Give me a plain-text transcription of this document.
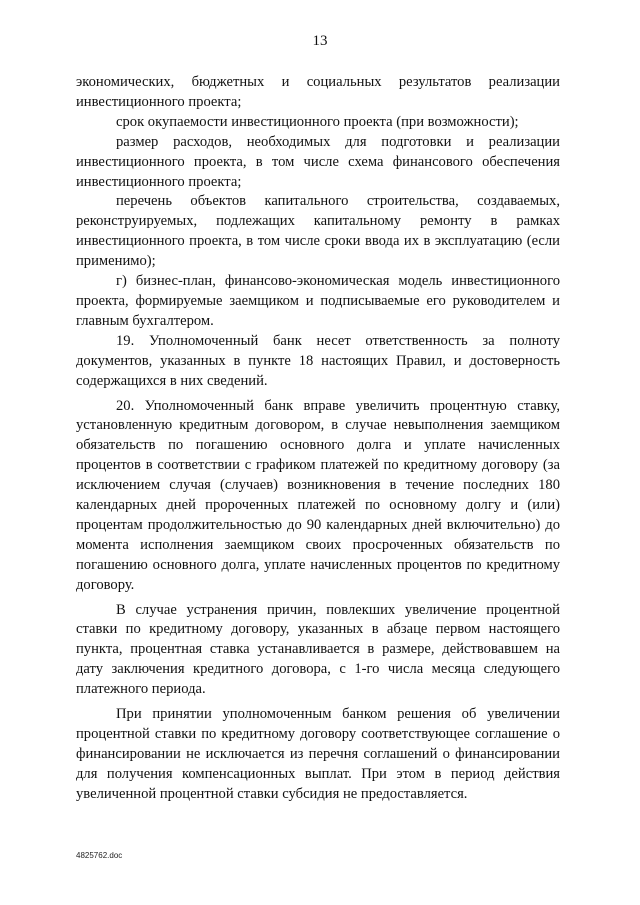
13

экономических, бюджетных и социальных результатов реализации инвестиционного проекта;

срок окупаемости инвестиционного проекта (при возможности);

размер расходов, необходимых для подготовки и реализации инвестиционного проекта, в том числе схема финансового обеспечения инвестиционного проекта;

перечень объектов капитального строительства, создаваемых, реконструируемых, подлежащих капитальному ремонту в рамках инвестиционного проекта, в том числе сроки ввода их в эксплуатацию (если применимо);

г) бизнес-план, финансово-экономическая модель инвестиционного проекта, формируемые заемщиком и подписываемые его руководителем и главным бухгалтером.

19. Уполномоченный банк несет ответственность за полноту документов, указанных в пункте 18 настоящих Правил, и достоверность содержащихся в них сведений.

20. Уполномоченный банк вправе увеличить процентную ставку, установленную кредитным договором, в случае невыполнения заемщиком обязательств по погашению основного долга и уплате начисленных процентов в соответствии с графиком платежей по кредитному договору (за исключением случая (случаев) возникновения в течение последних 180 календарных дней пророченных платежей по основному долгу и (или) процентам продолжительностью до 90 календарных дней включительно) до момента исполнения заемщиком своих просроченных обязательств по погашению основного долга, уплате начисленных процентов по кредитному договору.

В случае устранения причин, повлекших увеличение процентной ставки по кредитному договору, указанных в абзаце первом настоящего пункта, процентная ставка устанавливается в размере, действовавшем на дату заключения кредитного договора, с 1-го числа месяца следующего платежного периода.

При принятии уполномоченным банком решения об увеличении процентной ставки по кредитному договору соответствующее соглашение о финансировании не исключается из перечня соглашений о финансировании для получения компенсационных выплат. При этом в период действия увеличенной процентной ставки субсидия не предоставляется.

4825762.doc
